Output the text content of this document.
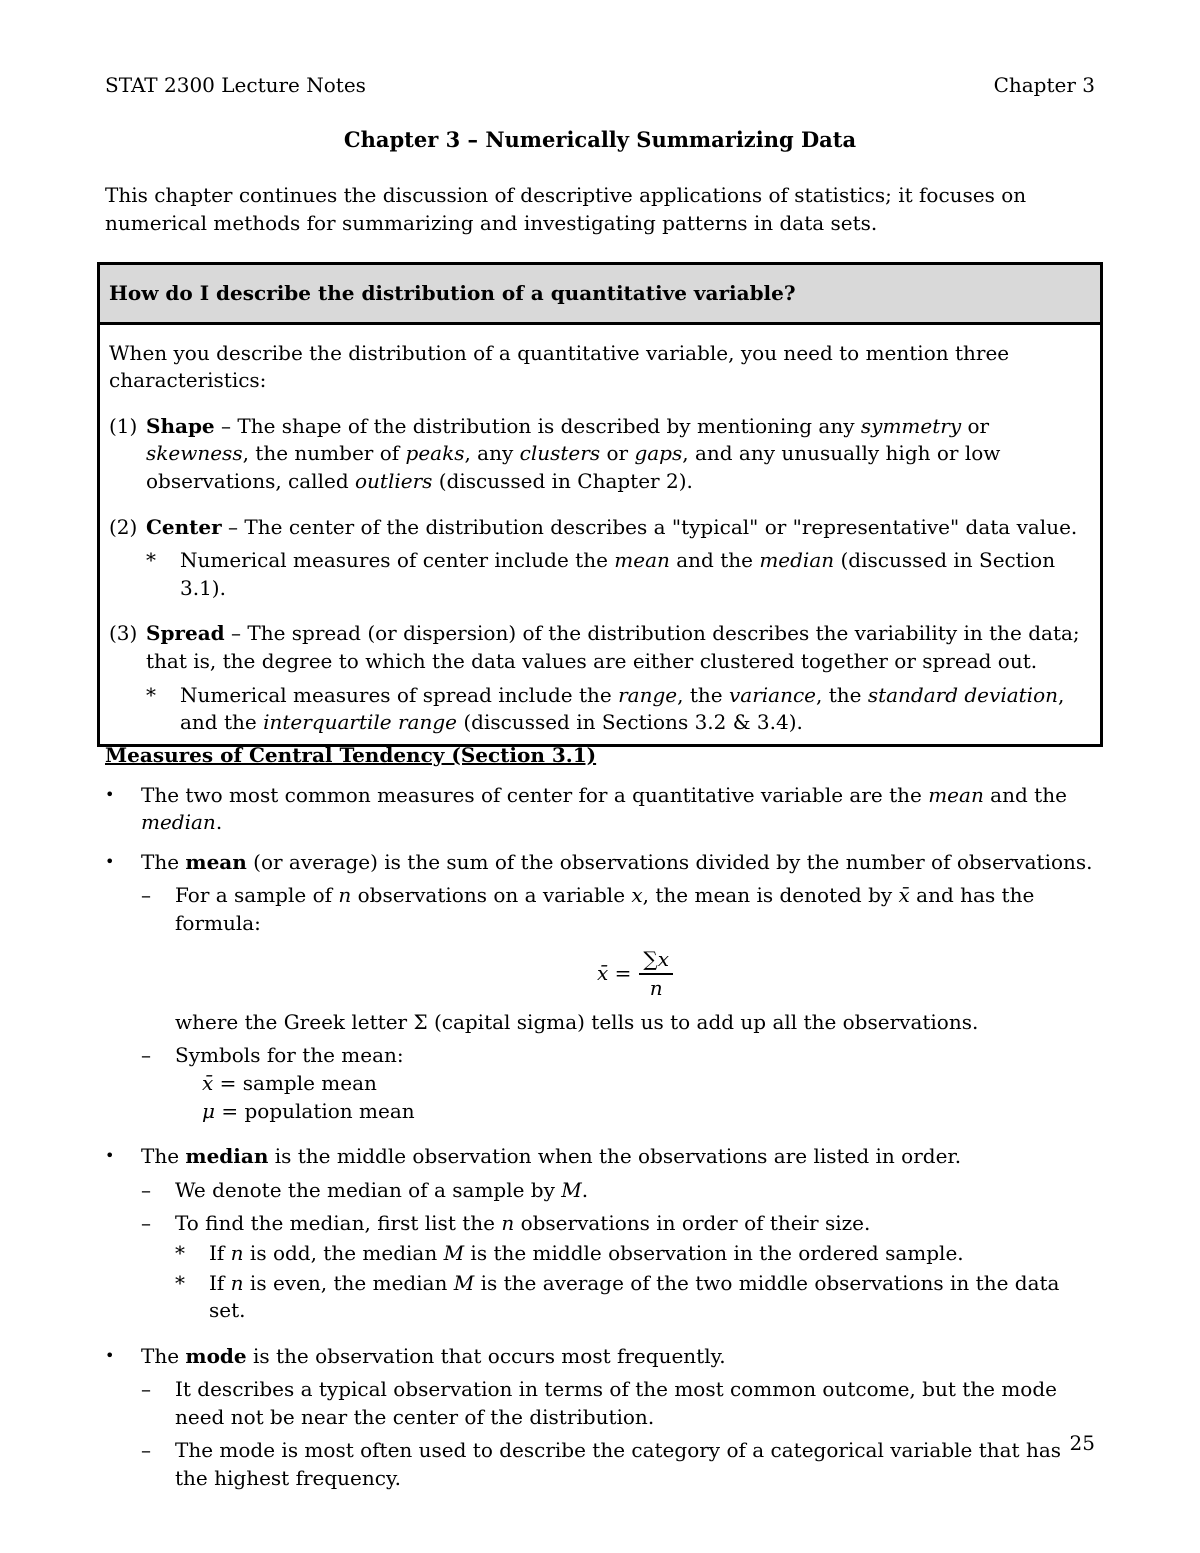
STAT 2300 Lecture Notes	Chapter 3
Chapter 3 – Numerically Summarizing Data
This chapter continues the discussion of descriptive applications of statistics; it focuses on numerical methods for summarizing and investigating patterns in data sets.
How do I describe the distribution of a quantitative variable?

When you describe the distribution of a quantitative variable, you need to mention three characteristics:

(1) Shape – The shape of the distribution is described by mentioning any symmetry or skewness, the number of peaks, any clusters or gaps, and any unusually high or low observations, called outliers (discussed in Chapter 2).
(2) Center – The center of the distribution describes a "typical" or "representative" data value.
*	Numerical measures of center include the mean and the median (discussed in Section 3.1).
(3) Spread – The spread (or dispersion) of the distribution describes the variability in the data; that is, the degree to which the data values are either clustered together or spread out.
*	Numerical measures of spread include the range, the variance, the standard deviation, and the interquartile range (discussed in Sections 3.2 & 3.4).

Measures of Central Tendency (Section 3.1)

•	The two most common measures of center for a quantitative variable are the mean and the median.
•	The mean (or average) is the sum of the observations divided by the number of observations.
–	For a sample of n observations on a variable x, the mean is denoted by x̄ and has the formula:
x̄ = $\frac{\sum x}{n}$
where the Greek letter Σ (capital sigma) tells us to add up all the observations.
–	Symbols for the mean:
x̄ = sample mean
μ = population mean
•	The median is the middle observation when the observations are listed in order.
–	We denote the median of a sample by M.
–	To find the median, first list the n observations in order of their size.
*	If n is odd, the median M is the middle observation in the ordered sample.
*	If n is even, the median M is the average of the two middle observations in the data set.
•	The mode is the observation that occurs most frequently.
–	It describes a typical observation in terms of the most common outcome, but the mode need not be near the center of the distribution.
–	The mode is most often used to describe the category of a categorical variable that has the highest frequency.
25
